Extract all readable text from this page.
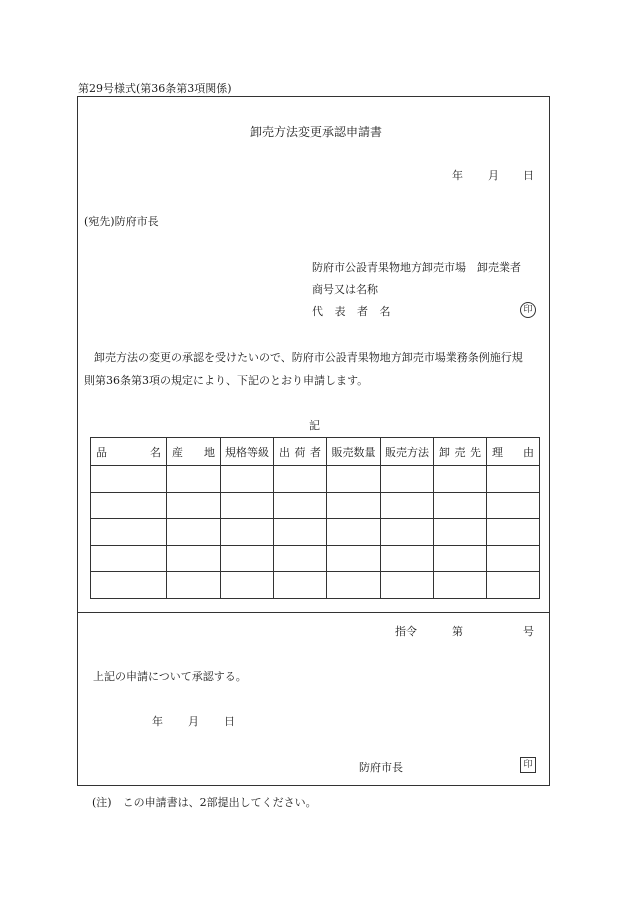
第29号様式(第36条第3項関係)
卸売方法変更承認申請書
年 月 日
(宛先)防府市長
防府市公設青果物地方卸売市場　卸売業者
商号又は名称
代 表 者 名	印
卸売方法の変更の承認を受けたいので、防府市公設青果物地方卸売市場業務条例施行規
則第36条第3項の規定により、下記のとおり申請します。
記
品 名	産 地	規格等級	出 荷 者	販売数量	販売方法	卸 売 先	理 由

指令	第	号
上記の申請について承認する。
年 月 日
防府市長	印
(注)　この申請書は、2部提出してください。
